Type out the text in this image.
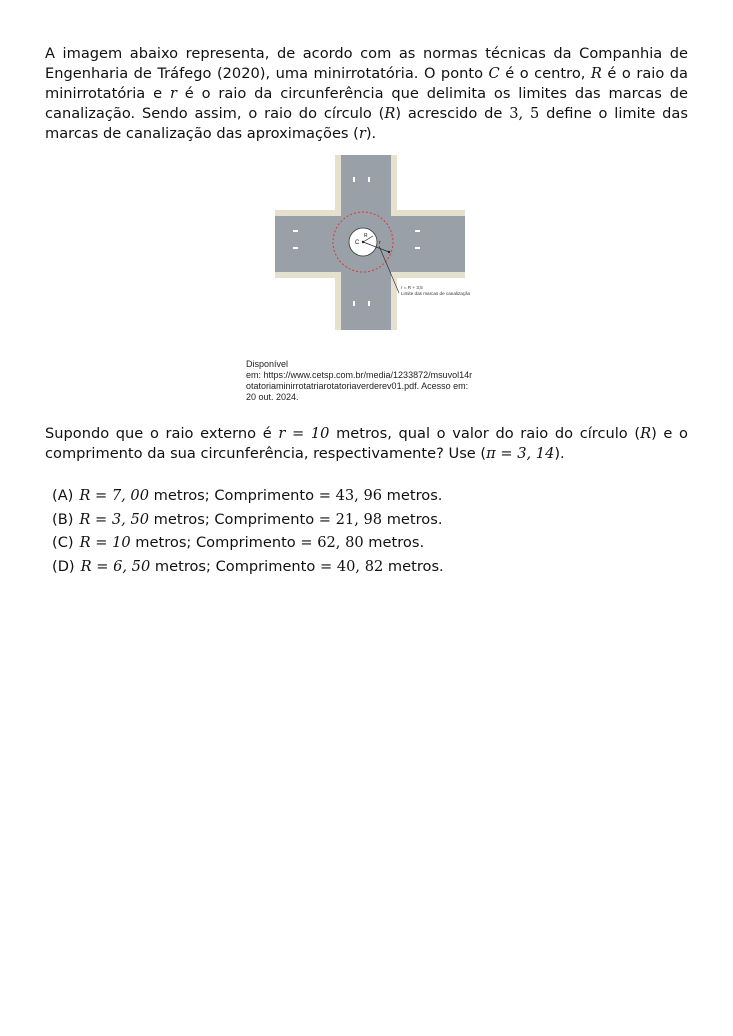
A imagem abaixo representa, de acordo com as normas técnicas da Companhia de Engenharia de Tráfego (2020), uma minirrotatória. O ponto C é o centro, R é o raio da minirrotatória e r é o raio da circunferência que delimita os limites das marcas de canalização. Sendo assim, o raio do círculo (R) acrescido de 3, 5 define o limite das marcas de canalização das aproximações (r).

C
R
r
r = R + 3,5
Limite das marcas de canalização
Disponível
em: https://www.cetsp.com.br/media/1233872/msuvol14r
otatoriaminirrotatriarotatoriaverderev01.pdf. Acesso em:
20 out. 2024.

Supondo que o raio externo é r = 10 metros, qual o valor do raio do círculo (R) e o comprimento da sua circunferência, respectivamente? Use (π = 3, 14).

(A) R = 7, 00 metros; Comprimento = 43, 96 metros.
(B) R = 3, 50 metros; Comprimento = 21, 98 metros.
(C) R = 10 metros; Comprimento = 62, 80 metros.
(D) R = 6, 50 metros; Comprimento = 40, 82 metros.
